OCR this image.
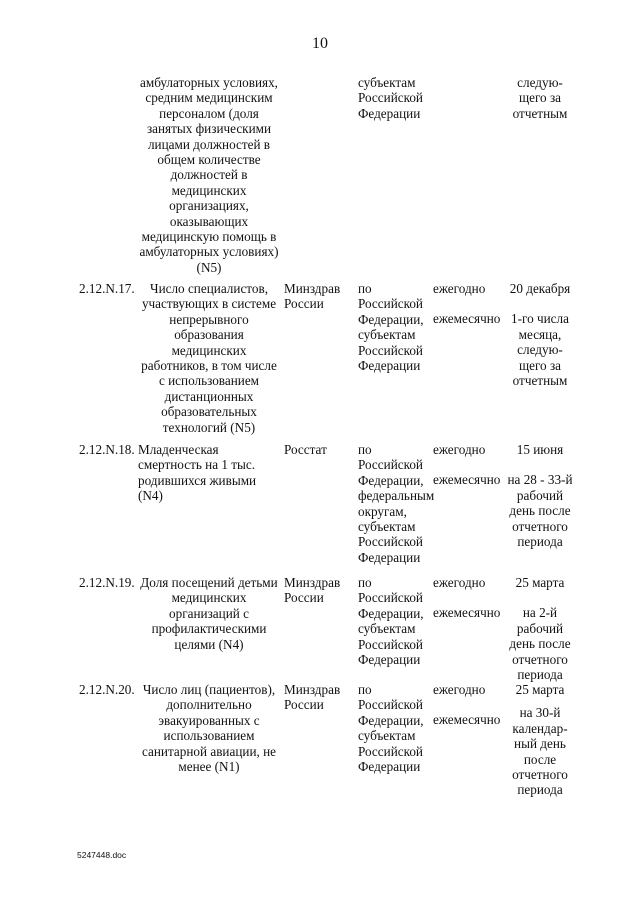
10
амбулаторных условиях, средним медицинским персоналом (доля занятых физическими лицами должностей в общем количестве должностей в медицинских организациях, оказывающих медицинскую помощь в амбулаторных условиях) (N5)
субъектам
Российской
Федерации
следую-щего за отчетным
2.12.N.17.	Число специалистов, участвующих в системе непрерывного образования медицинских работников, в том числе с использованием дистанционных образовательных технологий (N5)
Минздрав
России
по
Российской
Федерации,
субъектам
Российской
Федерации
ежегодно
ежемесячно
20 декабря
1-го числа месяца, следую-щего за отчетным
2.12.N.18. Младенческая смертность на 1 тыс. родившихся живыми (N4)
Росстат по
Российской
Федерации,
федеральным
округам,
субъектам
Российской
Федерации
ежегодно
ежемесячно
15 июня
на 28 - 33-й рабочий день после отчетного периода
2.12.N.19. Доля посещений детьми медицинских организаций с профилактическими целями (N4)
Минздрав
России
по
Российской
Федерации,
субъектам
Российской
Федерации
ежегодно
ежемесячно
25 марта
на 2-й рабочий день после отчетного периода
2.12.N.20. Число лиц (пациентов), дополнительно эвакуированных с использованием санитарной авиации, не менее (N1)
Минздрав
России
по
Российской
Федерации,
субъектам
Российской
Федерации
ежегодно
ежемесячно
25 марта
на 30-й календар-ный день после отчетного периода
5247448.doc
